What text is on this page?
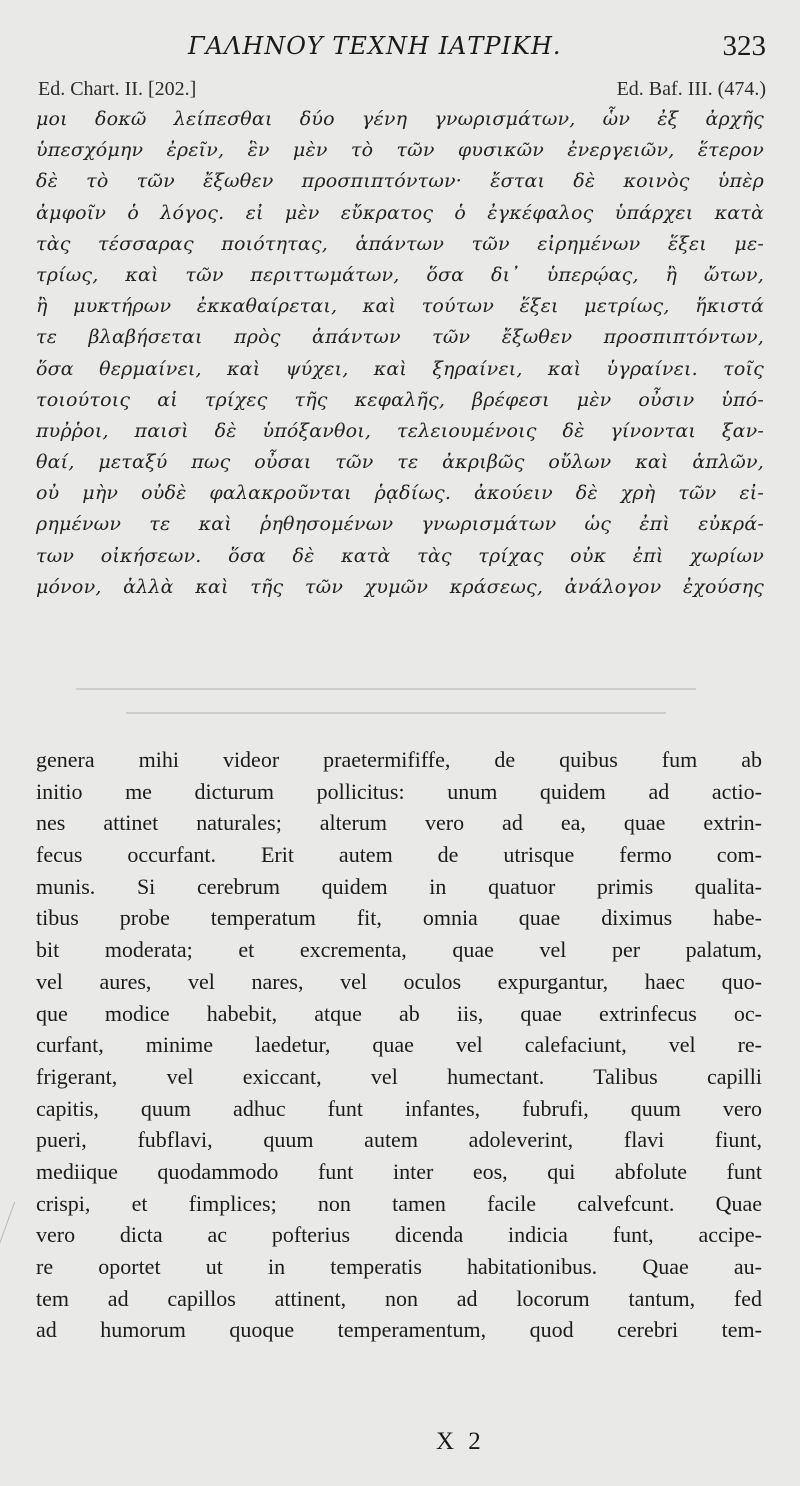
ΓΑΛΗΝΟΥ ΤΕΧΝΗ ΙΑΤΡΙΚΗ.	323
Ed. Chart. II. [202.]	Ed. Baf. III. (474.)
μοι δοκῶ λείπεσθαι δύο γένη γνωρισμάτων, ὧν ἐξ ἀρχῆς
ὑπεσχόμην ἐρεῖν, ἓν μὲν τὸ τῶν φυσικῶν ἐνεργειῶν, ἕτερον
δὲ τὸ τῶν ἔξωθεν προσπιπτόντων· ἔσται δὲ κοινὸς ὑπὲρ
ἀμφοῖν ὁ λόγος. εἰ μὲν εὔκρατος ὁ ἐγκέφαλος ὑπάρχει κατὰ
τὰς τέσσαρας ποιότητας, ἁπάντων τῶν εἰρημένων ἕξει με-
τρίως, καὶ τῶν περιττωμάτων, ὅσα δι᾽ ὑπερῴας, ἢ ὤτων,
ἢ μυκτήρων ἐκκαθαίρεται, καὶ τούτων ἕξει μετρίως, ἥκιστά
τε βλαβήσεται πρὸς ἁπάντων τῶν ἔξωθεν προσπιπτόντων,
ὅσα θερμαίνει, καὶ ψύχει, καὶ ξηραίνει, καὶ ὑγραίνει. τοῖς
τοιούτοις αἱ τρίχες τῆς κεφαλῆς, βρέφεσι μὲν οὖσιν ὑπό-
πυῤῥοι, παισὶ δὲ ὑπόξανθοι, τελειουμένοις δὲ γίνονται ξαν-
θαί, μεταξύ πως οὖσαι τῶν τε ἀκριβῶς οὔλων καὶ ἁπλῶν,
οὐ μὴν οὐδὲ φαλακροῦνται ῥᾳδίως. ἀκούειν δὲ χρὴ τῶν εἰ-
ρημένων τε καὶ ῥηθησομένων γνωρισμάτων ὡς ἐπὶ εὐκρά-
των οἰκήσεων. ὅσα δὲ κατὰ τὰς τρίχας οὐκ ἐπὶ χωρίων
μόνον, ἀλλὰ καὶ τῆς τῶν χυμῶν κράσεως, ἀνάλογον ἐχούσης
genera mihi videor praetermififfe, de quibus fum ab
initio me dicturum pollicitus: unum quidem ad actio-
nes attinet naturales; alterum vero ad ea, quae extrin-
fecus occurfant. Erit autem de utrisque fermo com-
munis. Si cerebrum quidem in quatuor primis qualita-
tibus probe temperatum fit, omnia quae diximus habe-
bit moderata; et excrementa, quae vel per palatum,
vel aures, vel nares, vel oculos expurgantur, haec quo-
que modice habebit, atque ab iis, quae extrinfecus oc-
curfant, minime laedetur, quae vel calefaciunt, vel re-
frigerant, vel exiccant, vel humectant. Talibus capilli
capitis, quum adhuc funt infantes, fubrufi, quum vero
pueri, fubflavi, quum autem adoleverint, flavi fiunt,
mediique quodammodo funt inter eos, qui abfolute funt
crispi, et fimplices; non tamen facile calvefcunt. Quae
vero dicta ac pofterius dicenda indicia funt, accipe-
re oportet ut in temperatis habitationibus. Quae au-
tem ad capillos attinent, non ad locorum tantum, fed
ad humorum quoque temperamentum, quod cerebri tem-
X 2
